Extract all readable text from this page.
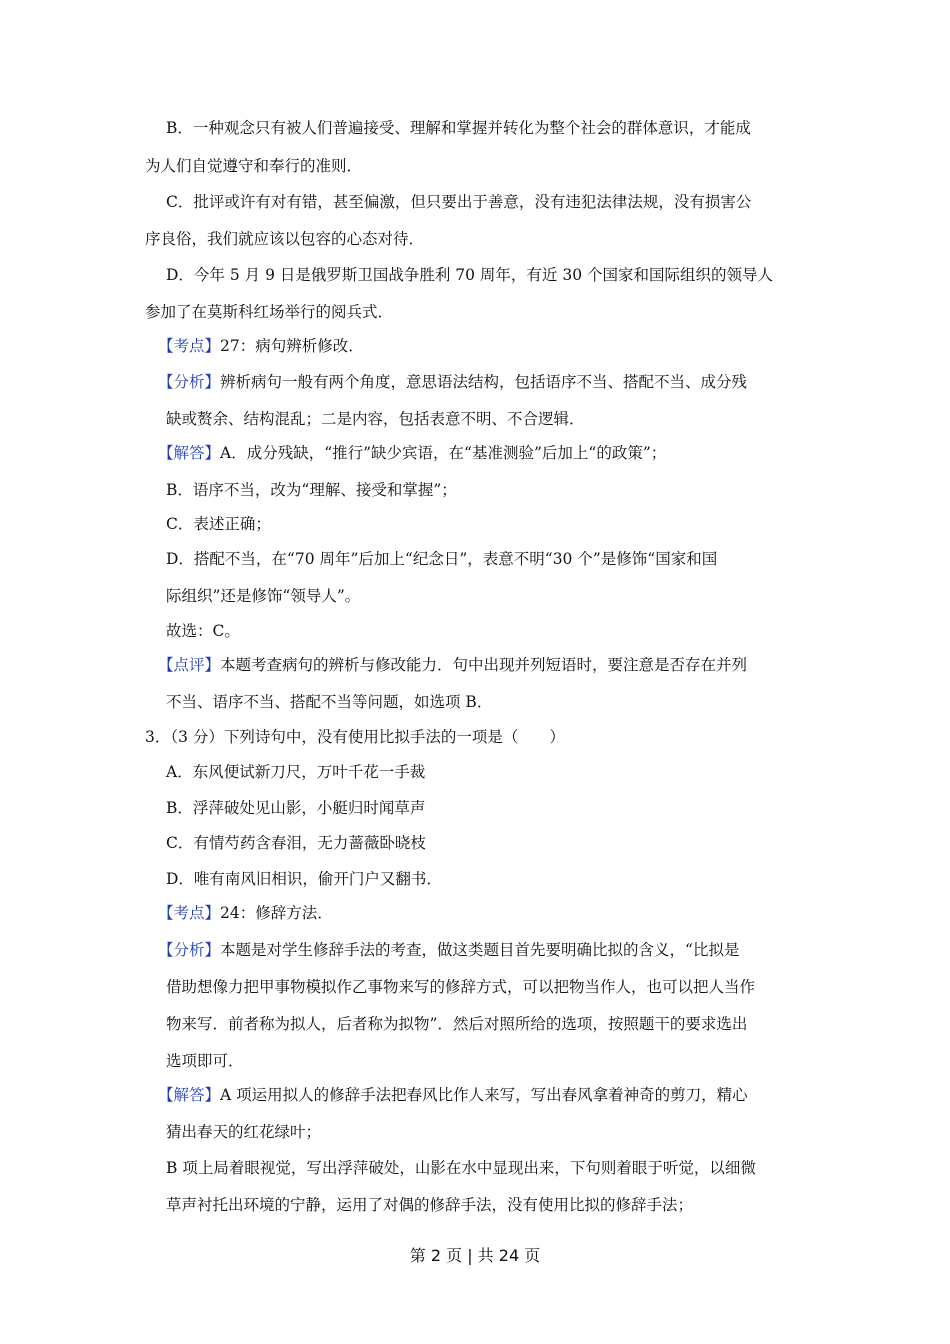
B．一种观念只有被人们普遍接受、理解和掌握并转化为整个社会的群体意识，才能成
为人们自觉遵守和奉行的准则．
C．批评或许有对有错，甚至偏激，但只要出于善意，没有违犯法律法规，没有损害公
序良俗，我们就应该以包容的心态对待．
D．今年 5 月 9 日是俄罗斯卫国战争胜利 70 周年，有近 30 个国家和国际组织的领导人
参加了在莫斯科红场举行的阅兵式．
【考点】27：病句辨析修改．
【分析】辨析病句一般有两个角度，意思语法结构，包括语序不当、搭配不当、成分残
缺或赘余、结构混乱；二是内容，包括表意不明、不合逻辑．
【解答】A．成分残缺，“推行”缺少宾语，在“基准测验”后加上“的政策”；
B．语序不当，改为“理解、接受和掌握”；
C．表述正确；
D．搭配不当，在“70 周年”后加上“纪念日”，表意不明“30 个”是修饰“国家和国
际组织”还是修饰“领导人”。
故选：C。
【点评】本题考查病句的辨析与修改能力．句中出现并列短语时，要注意是否存在并列
不当、语序不当、搭配不当等问题，如选项 B．
3．（3 分）下列诗句中，没有使用比拟手法的一项是（　　）
A．东风便试新刀尺，万叶千花一手裁
B．浮萍破处见山影，小艇归时闻草声
C．有情芍药含春泪，无力蔷薇卧晓枝
D．唯有南风旧相识，偷开门户又翻书．
【考点】24：修辞方法．
【分析】本题是对学生修辞手法的考查，做这类题目首先要明确比拟的含义，“比拟是
借助想像力把甲事物模拟作乙事物来写的修辞方式，可以把物当作人，也可以把人当作
物来写．前者称为拟人，后者称为拟物”．然后对照所给的选项，按照题干的要求选出
选项即可．
【解答】A 项运用拟人的修辞手法把春风比作人来写，写出春风拿着神奇的剪刀，精心
猜出春天的红花绿叶；
B 项上局着眼视觉，写出浮萍破处，山影在水中显现出来，下句则着眼于听觉，以细微
草声衬托出环境的宁静，运用了对偶的修辞手法，没有使用比拟的修辞手法；
第 2 页 | 共 24 页
